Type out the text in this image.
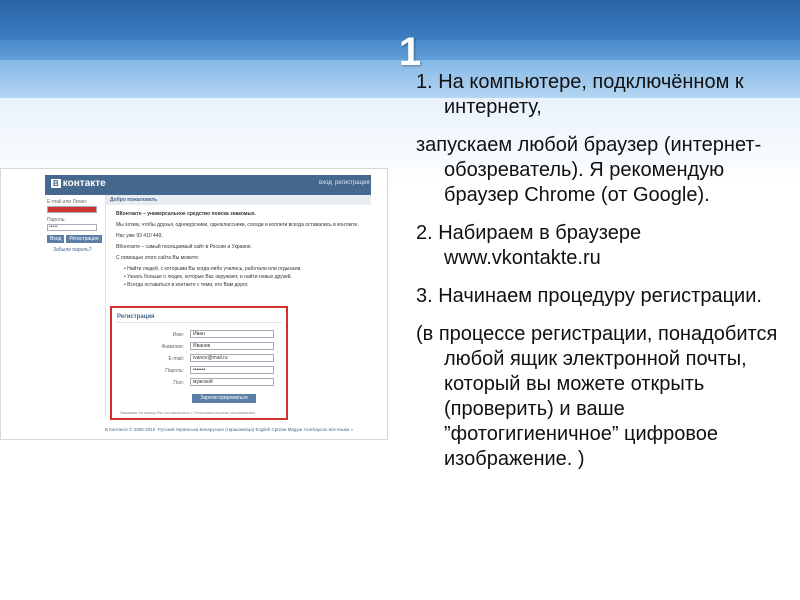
1
B контакте	вход регистрация
E-mail или Логин:
Пароль:
•••••
Вход Регистрация
Забыли пароль?
Добро пожаловать
ВКонтакте – универсальное средство поиска знакомых.
Мы хотим, чтобы друзья, однокурсники, одноклассники, соседи и коллеги всегда оставались в контакте.
Нас уже 93 410 449.
ВКонтакте – самый посещаемый сайт в России и Украине.
С помощью этого сайта Вы можете:
• Найти людей, с которыми Вы когда-либо учились, работали или отдыхали.
• Узнать больше о людях, которые Вас окружают, и найти новых друзей.
• Всегда оставаться в контакте с теми, кто Вам дорог.
В Контакте © 2006-2010 Русский Українська Беларуская (тарашкевіца) English Српски Magyar Azərbaycan все языки »
Регистрация
Имя:	Иван
Фамилия:	Иванов
E-mail:	ivanov@mail.ru
Пароль:	•••••••
Пол:	мужской
Зарегистрироваться
Нажимая на кнопку Вы соглашаетесь с Пользовательским соглашением.

1. На компьютере, подключённом к интернету,

запускаем любой браузер (интернет- обозреватель). Я рекомендую браузер Chrome (от Google).

2. Набираем в браузере www.vkontakte.ru

3. Начинаем процедуру регистрации.

(в процессе регистрации, понадобится любой ящик электронной почты, который вы можете открыть (проверить) и ваше ”фотогигиеничное” цифровое изображение. )
